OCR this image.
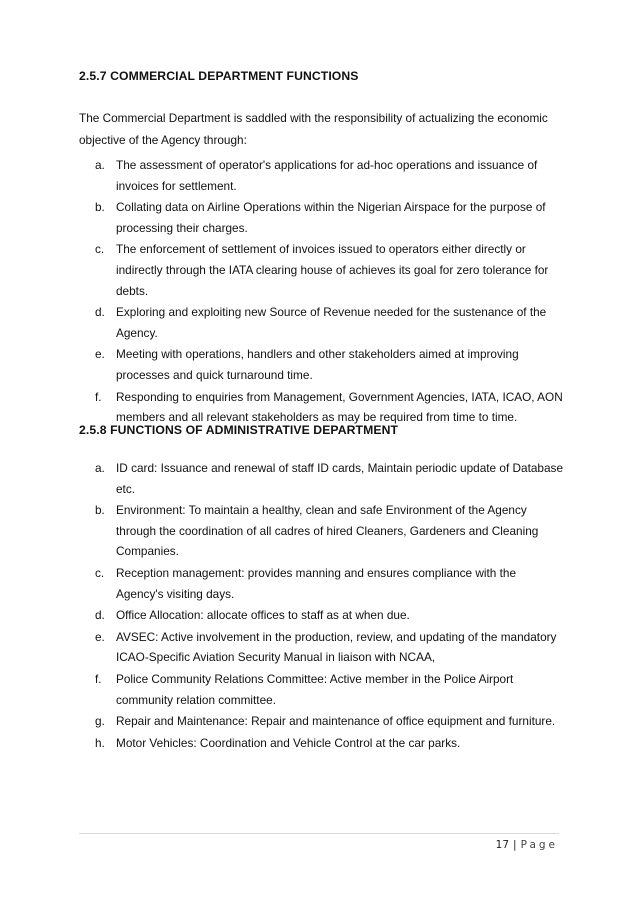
2.5.7 COMMERCIAL DEPARTMENT FUNCTIONS
The Commercial Department is saddled with the responsibility of actualizing the economic objective of the Agency through:
a. The assessment of operator's applications for ad-hoc operations and issuance of invoices for settlement.
b. Collating data on Airline Operations within the Nigerian Airspace for the purpose of processing their charges.
c. The enforcement of settlement of invoices issued to operators either directly or indirectly through the IATA clearing house of achieves its goal for zero tolerance for debts.
d. Exploring and exploiting new Source of Revenue needed for the sustenance of the Agency.
e. Meeting with operations, handlers and other stakeholders aimed at improving processes and quick turnaround time.
f. Responding to enquiries from Management, Government Agencies, IATA, ICAO, AON members and all relevant stakeholders as may be required from time to time.
2.5.8 FUNCTIONS OF ADMINISTRATIVE DEPARTMENT
a. ID card: Issuance and renewal of staff ID cards, Maintain periodic update of Database etc.
b. Environment: To maintain a healthy, clean and safe Environment of the Agency through the coordination of all cadres of hired Cleaners, Gardeners and Cleaning Companies.
c. Reception management: provides manning and ensures compliance with the Agency's visiting days.
d. Office Allocation: allocate offices to staff as at when due.
e. AVSEC: Active involvement in the production, review, and updating of the mandatory ICAO-Specific Aviation Security Manual in liaison with NCAA,
f. Police Community Relations Committee: Active member in the Police Airport community relation committee.
g. Repair and Maintenance: Repair and maintenance of office equipment and furniture.
h. Motor Vehicles: Coordination and Vehicle Control at the car parks.
17 | Page
